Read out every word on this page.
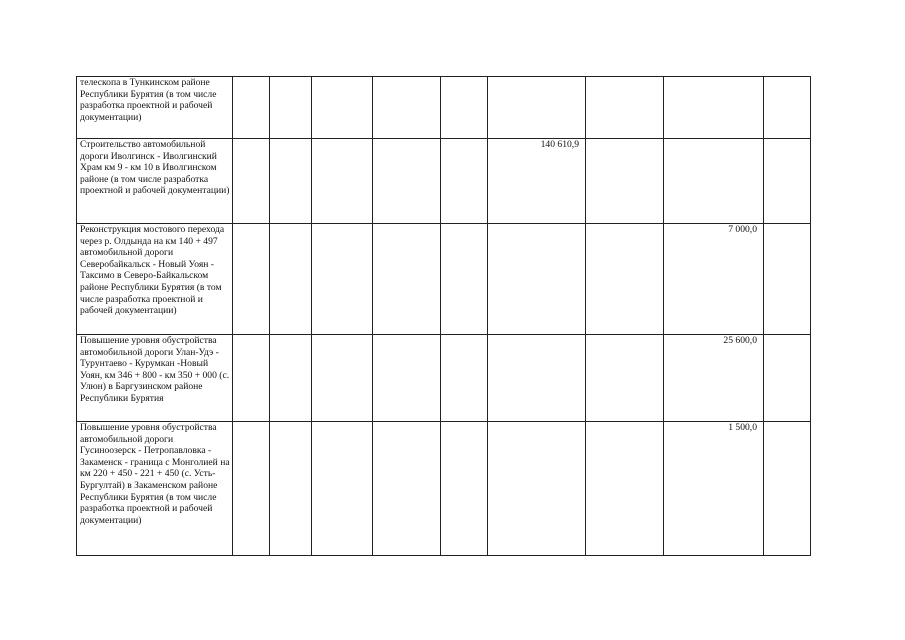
телескопа в Тункинском районе Республики Бурятия (в том числе разработка проектной и рабочей документации)									
Строительство автомобильной дороги Иволгинск - Иволгинский Храм км 9 - км 10 в Иволгинском районе (в том числе разработка проектной и рабочей документации)						140 610,9			
Реконструкция мостового перехода через р. Олдында на км 140 + 497 автомобильной дороги Северобайкальск - Новый Уоян - Таксимо в Северо-Байкальском районе Республики Бурятия (в том числе разработка проектной и рабочей документации)								7 000,0	
Повышение уровня обустройства автомобильной дороги Улан-Удэ - Турунтаево - Курумкан -Новый Уоян, км 346 + 800 - км 350 + 000 (с. Улюн) в Баргузинском районе Республики Бурятия								25 600,0	
Повышение уровня обустройства автомобильной дороги Гусиноозерск - Петропавловка - Закаменск - граница с Монголией на км 220 + 450 - 221 + 450 (с. Усть-Бургултай) в Закаменском районе Республики Бурятия (в том числе разработка проектной и рабочей документации)								1 500,0	
